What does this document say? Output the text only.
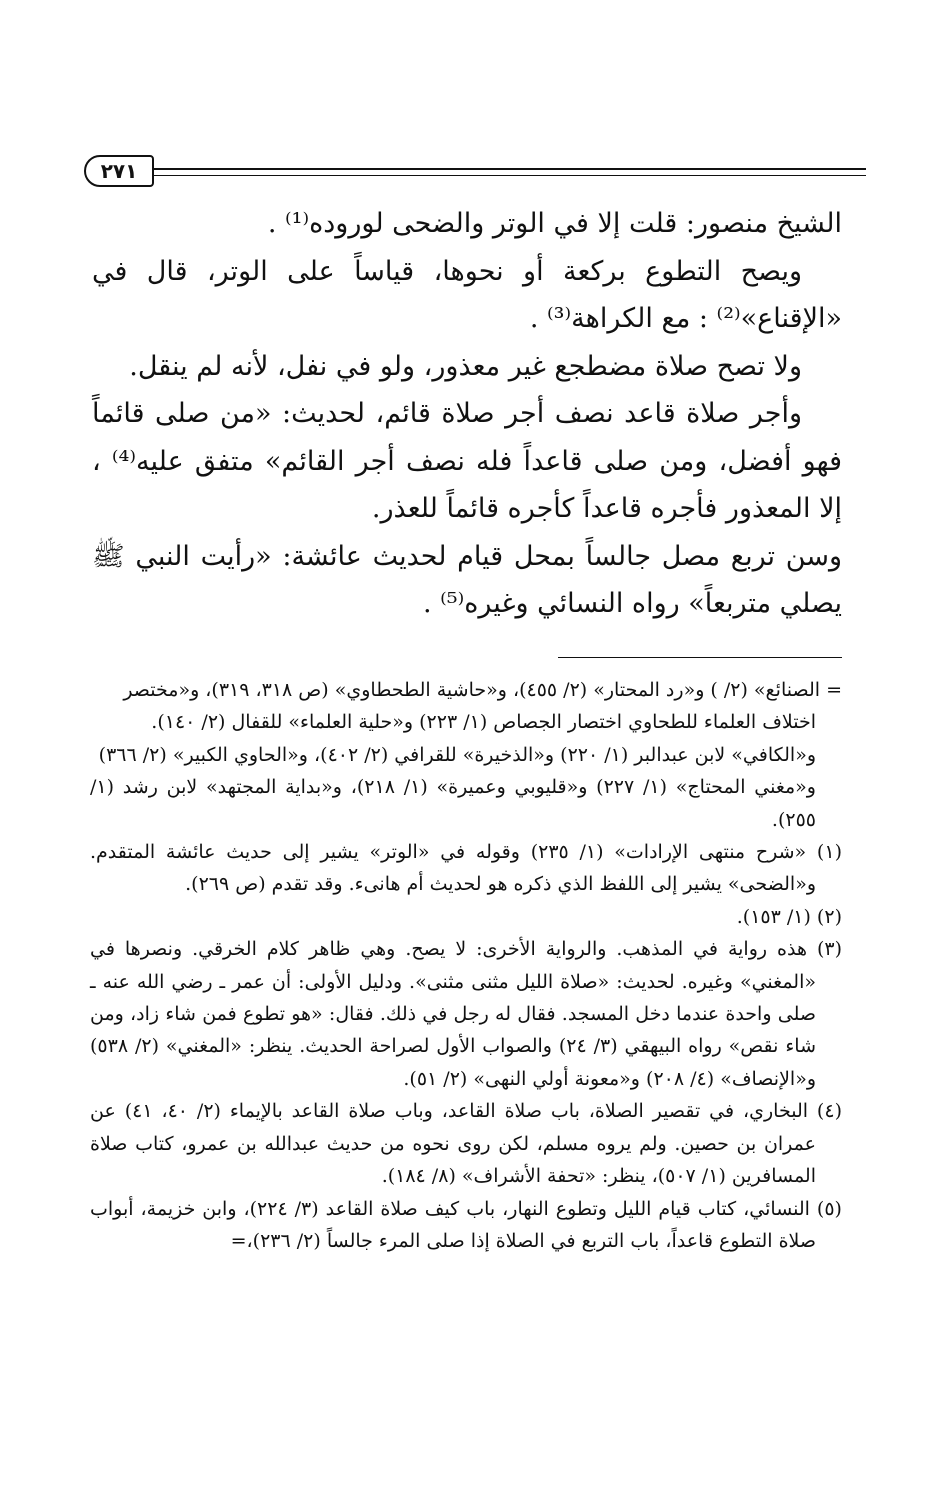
٢٧١

الشيخ منصور: قلت إلا في الوتر والضحى لوروده⁽¹⁾ .

ويصح التطوع بركعة أو نحوها، قياساً على الوتر، قال في «الإقناع»⁽²⁾ : مع الكراهة⁽³⁾ .

ولا تصح صلاة مضطجع غير معذور، ولو في نفل، لأنه لم ينقل.

وأجر صلاة قاعد نصف أجر صلاة قائم، لحديث: «من صلى قائماً فهو أفضل، ومن صلى قاعداً فله نصف أجر القائم» متفق عليه⁽⁴⁾ ، إلا المعذور فأجره قاعداً كأجره قائماً للعذر.

وسن تربع مصل جالساً بمحل قيام لحديث عائشة: «رأيت النبي ﷺ يصلي متربعاً» رواه النسائي وغيره⁽⁵⁾ .

= الصنائع» (٢/ ) و«رد المحتار» (٢/ ٤٥٥)، و«حاشية الطحطاوي» (ص ٣١٨، ٣١٩)، و«مختصر

اختلاف العلماء للطحاوي اختصار الجصاص (١/ ٢٢٣) و«حلية العلماء» للقفال (٢/ ١٤٠).

و«الكافي» لابن عبدالبر (١/ ٢٢٠) و«الذخيرة» للقرافي (٢/ ٤٠٢)، و«الحاوي الكبير» (٢/ ٣٦٦)

و«مغني المحتاج» (١/ ٢٢٧) و«قليوبي وعميرة» (١/ ٢١٨)، و«بداية المجتهد» لابن رشد (١/ ٢٥٥).

(١) «شرح منتهى الإرادات» (١/ ٢٣٥) وقوله في «الوتر» يشير إلى حديث عائشة المتقدم. و«الضحى» يشير إلى اللفظ الذي ذكره هو لحديث أم هانىء. وقد تقدم (ص ٢٦٩).

(٢) (١/ ١٥٣).

(٣) هذه رواية في المذهب. والرواية الأخرى: لا يصح. وهي ظاهر كلام الخرقي. ونصرها في «المغني» وغيره. لحديث: «صلاة الليل مثنى مثنى». ودليل الأولى: أن عمر ـ رضي الله عنه ـ صلى واحدة عندما دخل المسجد. فقال له رجل في ذلك. فقال: «هو تطوع فمن شاء زاد، ومن شاء نقص» رواه البيهقي (٣/ ٢٤) والصواب الأول لصراحة الحديث. ينظر: «المغني» (٢/ ٥٣٨) و«الإنصاف» (٤/ ٢٠٨) و«معونة أولي النهى» (٢/ ٥١).

(٤) البخاري، في تقصير الصلاة، باب صلاة القاعد، وباب صلاة القاعد بالإيماء (٢/ ٤٠، ٤١) عن عمران بن حصين. ولم يروه مسلم، لكن روى نحوه من حديث عبدالله بن عمرو، كتاب صلاة المسافرين (١/ ٥٠٧)، ينظر: «تحفة الأشراف» (٨/ ١٨٤).

(٥) النسائي، كتاب قيام الليل وتطوع النهار، باب كيف صلاة القاعد (٣/ ٢٢٤)، وابن خزيمة، أبواب صلاة التطوع قاعداً، باب التربع في الصلاة إذا صلى المرء جالساً (٢/ ٢٣٦)،=
